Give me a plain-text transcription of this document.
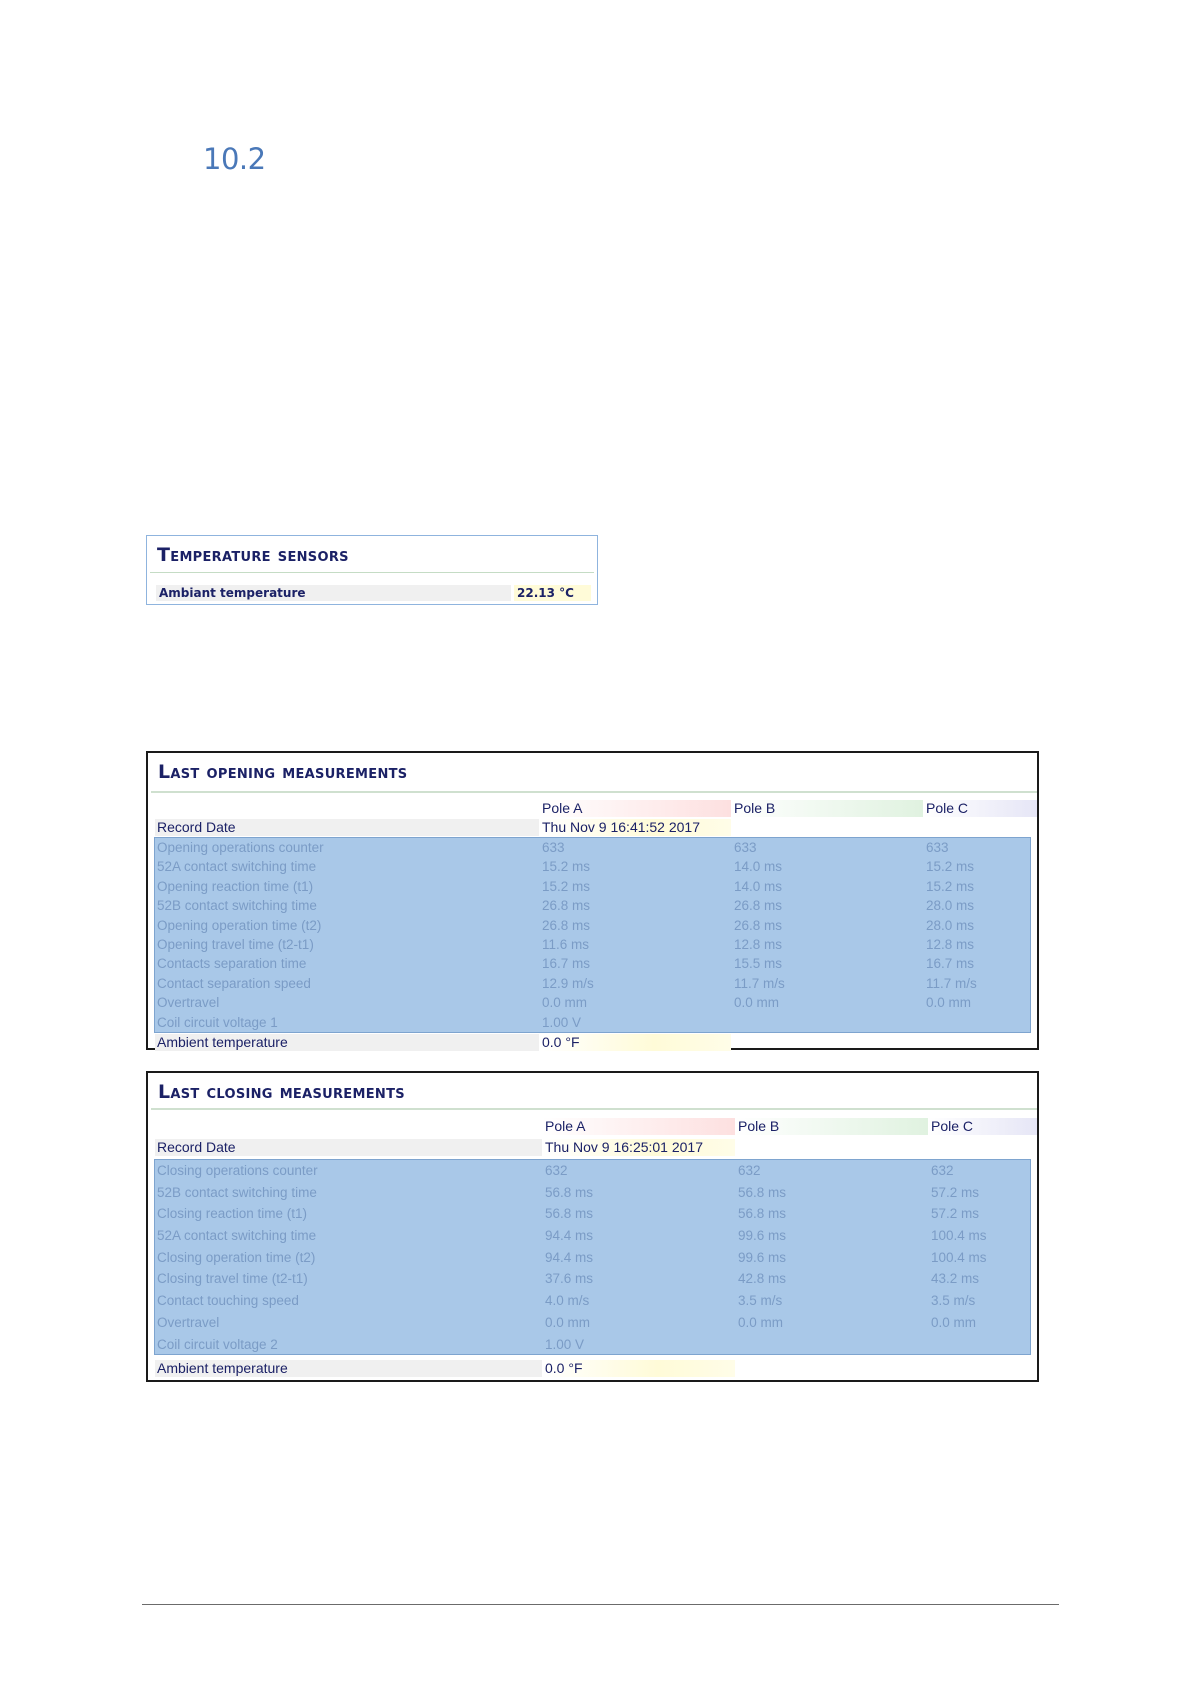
10.2
Temperature sensors
Ambiant temperature	22.13 °C
Last opening measurements
Pole A	Pole B	Pole C
Record Date	Thu Nov 9 16:41:52 2017
Opening operations counter	633	633	633
52A contact switching time	15.2 ms	14.0 ms	15.2 ms
Opening reaction time (t1)	15.2 ms	14.0 ms	15.2 ms
52B contact switching time	26.8 ms	26.8 ms	28.0 ms
Opening operation time (t2)	26.8 ms	26.8 ms	28.0 ms
Opening travel time (t2-t1)	11.6 ms	12.8 ms	12.8 ms
Contacts separation time	16.7 ms	15.5 ms	16.7 ms
Contact separation speed	12.9 m/s	11.7 m/s	11.7 m/s
Overtravel	0.0 mm	0.0 mm	0.0 mm
Coil circuit voltage 1	1.00 V
Ambient temperature	0.0 °F
Last closing measurements
Pole A	Pole B	Pole C
Record Date	Thu Nov 9 16:25:01 2017
Closing operations counter	632	632	632
52B contact switching time	56.8 ms	56.8 ms	57.2 ms
Closing reaction time (t1)	56.8 ms	56.8 ms	57.2 ms
52A contact switching time	94.4 ms	99.6 ms	100.4 ms
Closing operation time (t2)	94.4 ms	99.6 ms	100.4 ms
Closing travel time (t2-t1)	37.6 ms	42.8 ms	43.2 ms
Contact touching speed	4.0 m/s	3.5 m/s	3.5 m/s
Overtravel	0.0 mm	0.0 mm	0.0 mm
Coil circuit voltage 2	1.00 V
Ambient temperature	0.0 °F
